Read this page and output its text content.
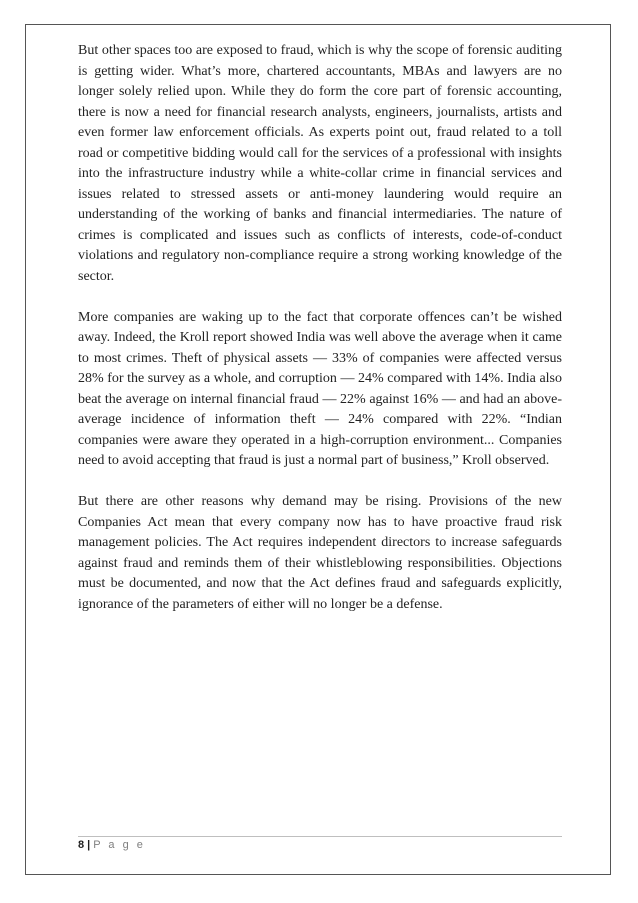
But other spaces too are exposed to fraud, which is why the scope of forensic auditing is getting wider. What’s more, chartered accountants, MBAs and lawyers are no longer solely relied upon. While they do form the core part of forensic accounting, there is now a need for financial research analysts, engineers, journalists, artists and even former law enforcement officials. As experts point out, fraud related to a toll road or competitive bidding would call for the services of a professional with insights into the infrastructure industry while a white-collar crime in financial services and issues related to stressed assets or anti-money laundering would require an understanding of the working of banks and financial intermediaries. The nature of crimes is complicated and issues such as conflicts of interests, code-of-conduct violations and regulatory non-compliance require a strong working knowledge of the sector.

More companies are waking up to the fact that corporate offences can’t be wished away. Indeed, the Kroll report showed India was well above the average when it came to most crimes. Theft of physical assets — 33% of companies were affected versus 28% for the survey as a whole, and corruption — 24% compared with 14%. India also beat the average on internal financial fraud — 22% against 16% — and had an above- average incidence of information theft — 24% compared with 22%. “Indian companies were aware they operated in a high-corruption environment... Companies need to avoid accepting that fraud is just a normal part of business,” Kroll observed.

But there are other reasons why demand may be rising. Provisions of the new Companies Act mean that every company now has to have proactive fraud risk management policies. The Act requires independent directors to increase safeguards against fraud and reminds them of their whistleblowing responsibilities. Objections must be documented, and now that the Act defines fraud and safeguards explicitly, ignorance of the parameters of either will no longer be a defense.

8 | P a g e
